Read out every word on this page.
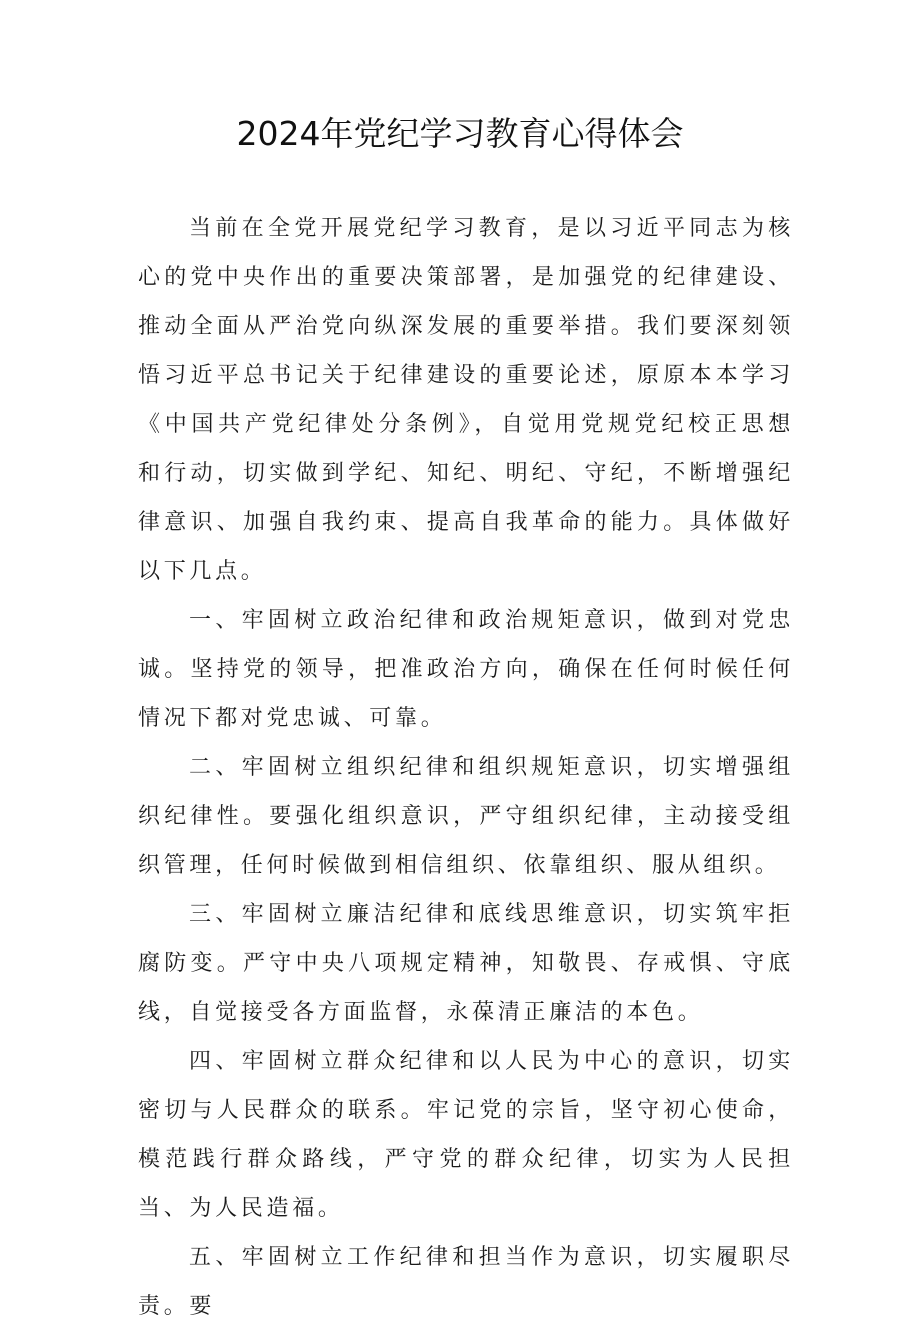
2024年党纪学习教育心得体会

当前在全党开展党纪学习教育，是以习近平同志为核心的党中央作出的重要决策部署，是加强党的纪律建设、推动全面从严治党向纵深发展的重要举措。我们要深刻领悟习近平总书记关于纪律建设的重要论述，原原本本学习《中国共产党纪律处分条例》，自觉用党规党纪校正思想和行动，切实做到学纪、知纪、明纪、守纪，不断增强纪律意识、加强自我约束、提高自我革命的能力。具体做好以下几点。

一、牢固树立政治纪律和政治规矩意识，做到对党忠诚。坚持党的领导，把准政治方向，确保在任何时候任何情况下都对党忠诚、可靠。

二、牢固树立组织纪律和组织规矩意识，切实增强组织纪律性。要强化组织意识，严守组织纪律，主动接受组织管理，任何时候做到相信组织、依靠组织、服从组织。

三、牢固树立廉洁纪律和底线思维意识，切实筑牢拒腐防变。严守中央八项规定精神，知敬畏、存戒惧、守底线，自觉接受各方面监督，永葆清正廉洁的本色。

四、牢固树立群众纪律和以人民为中心的意识，切实密切与人民群众的联系。牢记党的宗旨，坚守初心使命，模范践行群众路线，严守党的群众纪律，切实为人民担当、为人民造福。

五、牢固树立工作纪律和担当作为意识，切实履职尽责。要
